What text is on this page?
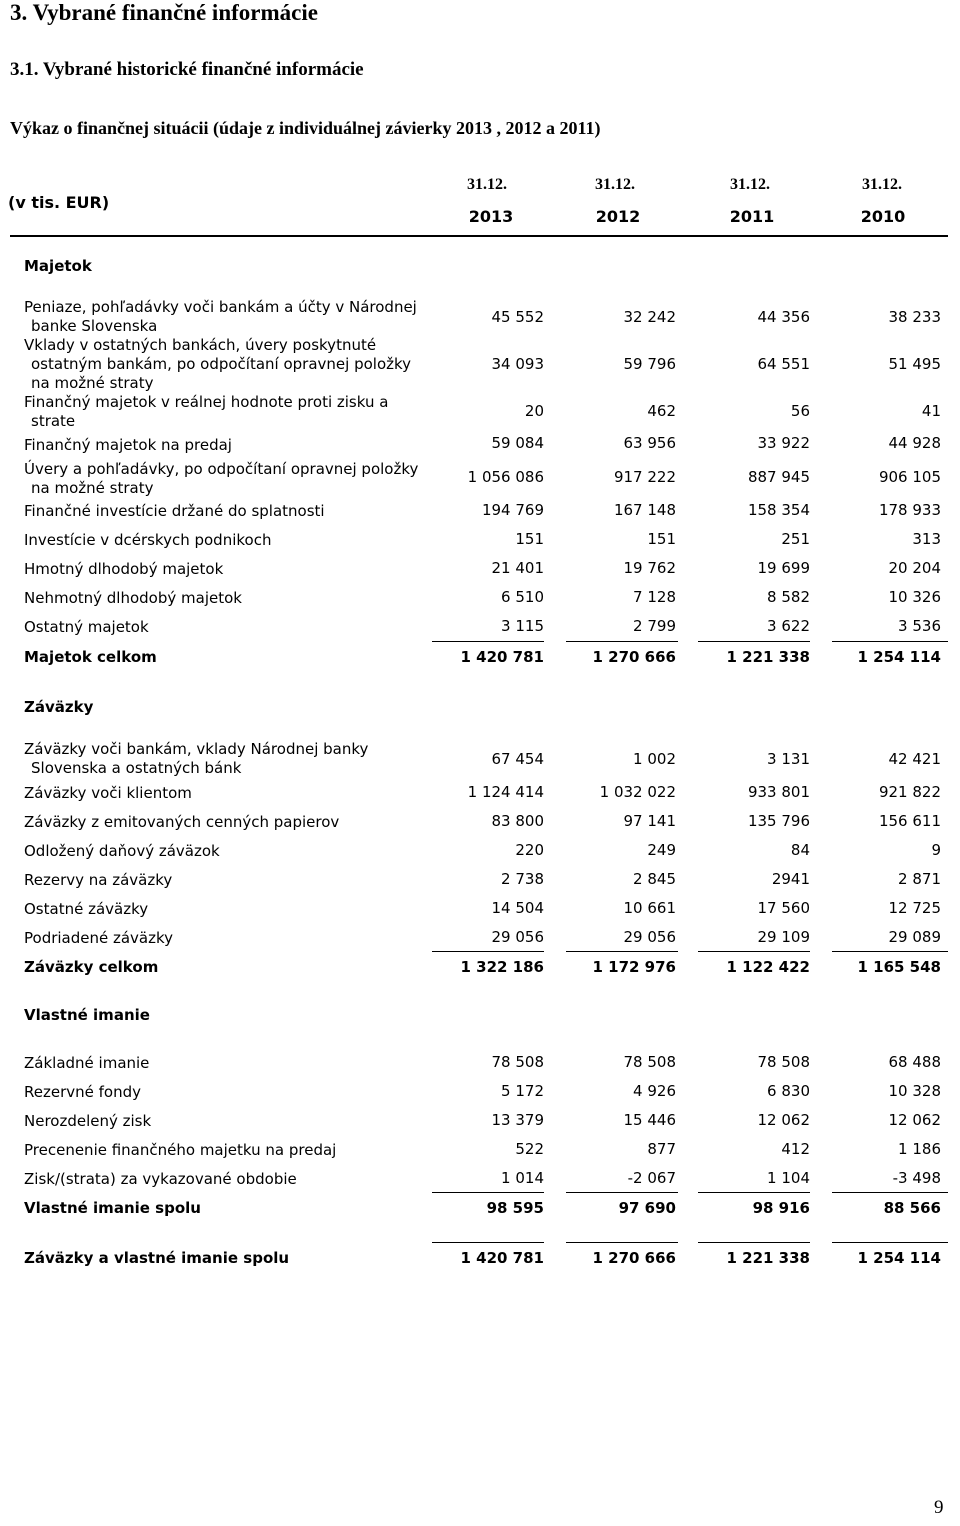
3. Vybrané finančné informácie
3.1. Vybrané historické finančné informácie
Výkaz o finančnej situácii (údaje z individuálnej závierky 2013 , 2012 a 2011)
(v tis. EUR)
31.12.	31.12.	31.12.	31.12.
2013	2012	2011	2010
Majetok
Záväzky
Vlastné imanie
Peniaze, pohľadávky voči bankám a účty v Národnej
banke Slovenska	45 552	32 242	44 356	38 233
Vklady v ostatných bankách, úvery poskytnuté
ostatným bankám, po odpočítaní opravnej položky
na možné straty
34 093	59 796	64 551	51 495
Finančný majetok v reálnej hodnote proti zisku a
strate
20	462	56	41
Finančný majetok na predaj	59 084	63 956	33 922	44 928
Úvery a pohľadávky, po odpočítaní opravnej položky
na možné straty
1 056 086	917 222	887 945	906 105
Finančné investície držané do splatnosti	194 769	167 148	158 354	178 933
Investície v dcérskych podnikoch	151	151	251	313
Hmotný dlhodobý majetok	21 401	19 762	19 699	20 204
Nehmotný dlhodobý majetok	6 510	7 128	8 582	10 326
Ostatný majetok	3 115	2 799	3 622	3 536
Majetok celkom	1 420 781	1 270 666	1 221 338	1 254 114
Záväzky voči bankám, vklady Národnej banky
Slovenska a ostatných bánk	67 454	1 002	3 131	42 421
Záväzky voči klientom	1 124 414	1 032 022	933 801	921 822
Záväzky z emitovaných cenných papierov	83 800	97 141	135 796	156 611
Odložený daňový záväzok	220	249	84	9
Rezervy na záväzky	2 738	2 845	2941	2 871
Ostatné záväzky	14 504	10 661	17 560	12 725
Podriadené záväzky	29 056	29 056	29 109	29 089
Záväzky celkom	1 322 186	1 172 976	1 122 422	1 165 548
Základné imanie	78 508	78 508	78 508	68 488
Rezervné fondy	5 172	4 926	6 830	10 328
Nerozdelený zisk	13 379	15 446	12 062	12 062
Precenenie finančného majetku na predaj	522	877	412	1 186
Zisk/(strata) za vykazované obdobie	1 014	-2 067	1 104	-3 498
Vlastné imanie spolu	98 595	97 690	98 916	88 566
Záväzky a vlastné imanie spolu	1 420 781	1 270 666	1 221 338	1 254 114
9
